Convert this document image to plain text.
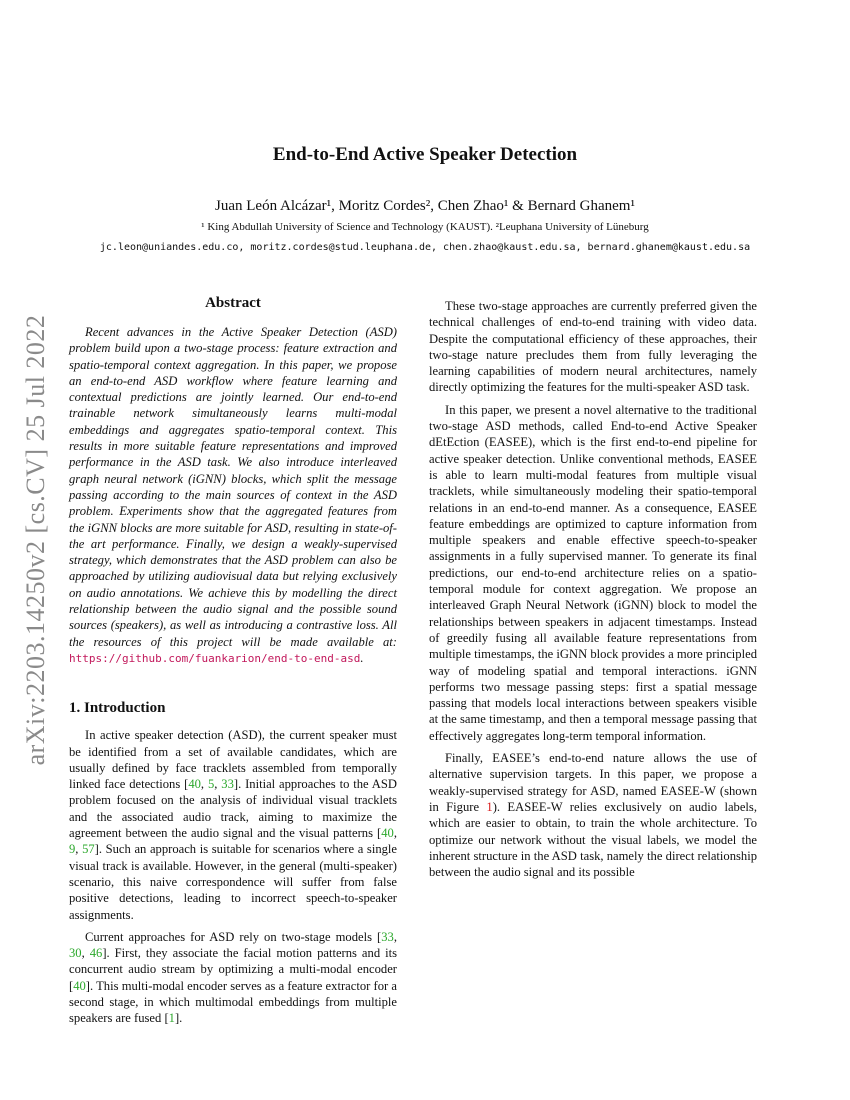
End-to-End Active Speaker Detection

Juan León Alcázar¹, Moritz Cordes², Chen Zhao¹ & Bernard Ghanem¹

¹ King Abdullah University of Science and Technology (KAUST). ²Leuphana University of Lüneburg

jc.leon@uniandes.edu.co, moritz.cordes@stud.leuphana.de, chen.zhao@kaust.edu.sa, bernard.ghanem@kaust.edu.sa

arXiv:2203.14250v2 [cs.CV] 25 Jul 2022
Abstract

Recent advances in the Active Speaker Detection (ASD) problem build upon a two-stage process: feature extraction and spatio-temporal context aggregation. In this paper, we propose an end-to-end ASD workflow where feature learning and contextual predictions are jointly learned. Our end-to-end trainable network simultaneously learns multi-modal embeddings and aggregates spatio-temporal context. This results in more suitable feature representations and improved performance in the ASD task. We also introduce interleaved graph neural network (iGNN) blocks, which split the message passing according to the main sources of context in the ASD problem. Experiments show that the aggregated features from the iGNN blocks are more suitable for ASD, resulting in state-of-the art performance. Finally, we design a weakly-supervised strategy, which demonstrates that the ASD problem can also be approached by utilizing audiovisual data but relying exclusively on audio annotations. We achieve this by modelling the direct relationship between the audio signal and the possible sound sources (speakers), as well as introducing a contrastive loss. All the resources of this project will be made available at: https://github.com/fuankarion/end-to-end-asd.

1. Introduction

In active speaker detection (ASD), the current speaker must be identified from a set of available candidates, which are usually defined by face tracklets assembled from temporally linked face detections [40, 5, 33]. Initial approaches to the ASD problem focused on the analysis of individual visual tracklets and the associated audio track, aiming to maximize the agreement between the audio signal and the visual patterns [40, 9, 57]. Such an approach is suitable for scenarios where a single visual track is available. However, in the general (multi-speaker) scenario, this naive correspondence will suffer from false positive detections, leading to incorrect speech-to-speaker assignments.

Current approaches for ASD rely on two-stage models [33, 30, 46]. First, they associate the facial motion patterns and its concurrent audio stream by optimizing a multi-modal encoder [40]. This multi-modal encoder serves as a feature extractor for a second stage, in which multimodal embeddings from multiple speakers are fused [1].

These two-stage approaches are currently preferred given the technical challenges of end-to-end training with video data. Despite the computational efficiency of these approaches, their two-stage nature precludes them from fully leveraging the learning capabilities of modern neural architectures, namely directly optimizing the features for the multi-speaker ASD task.

In this paper, we present a novel alternative to the traditional two-stage ASD methods, called End-to-end Active Speaker dEtEction (EASEE), which is the first end-to-end pipeline for active speaker detection. Unlike conventional methods, EASEE is able to learn multi-modal features from multiple visual tracklets, while simultaneously modeling their spatio-temporal relations in an end-to-end manner. As a consequence, EASEE feature embeddings are optimized to capture information from multiple speakers and enable effective speech-to-speaker assignments in a fully supervised manner. To generate its final predictions, our end-to-end architecture relies on a spatio-temporal module for context aggregation. We propose an interleaved Graph Neural Network (iGNN) block to model the relationships between speakers in adjacent timestamps. Instead of greedily fusing all available feature representations from multiple timestamps, the iGNN block provides a more principled way of modeling spatial and temporal interactions. iGNN performs two message passing steps: first a spatial message passing that models local interactions between speakers visible at the same timestamp, and then a temporal message passing that effectively aggregates long-term temporal information.

Finally, EASEE’s end-to-end nature allows the use of alternative supervision targets. In this paper, we propose a weakly-supervised strategy for ASD, named EASEE-W (shown in Figure 1). EASEE-W relies exclusively on audio labels, which are easier to obtain, to train the whole architecture. To optimize our network without the visual labels, we model the inherent structure in the ASD task, namely the direct relationship between the audio signal and its possible
